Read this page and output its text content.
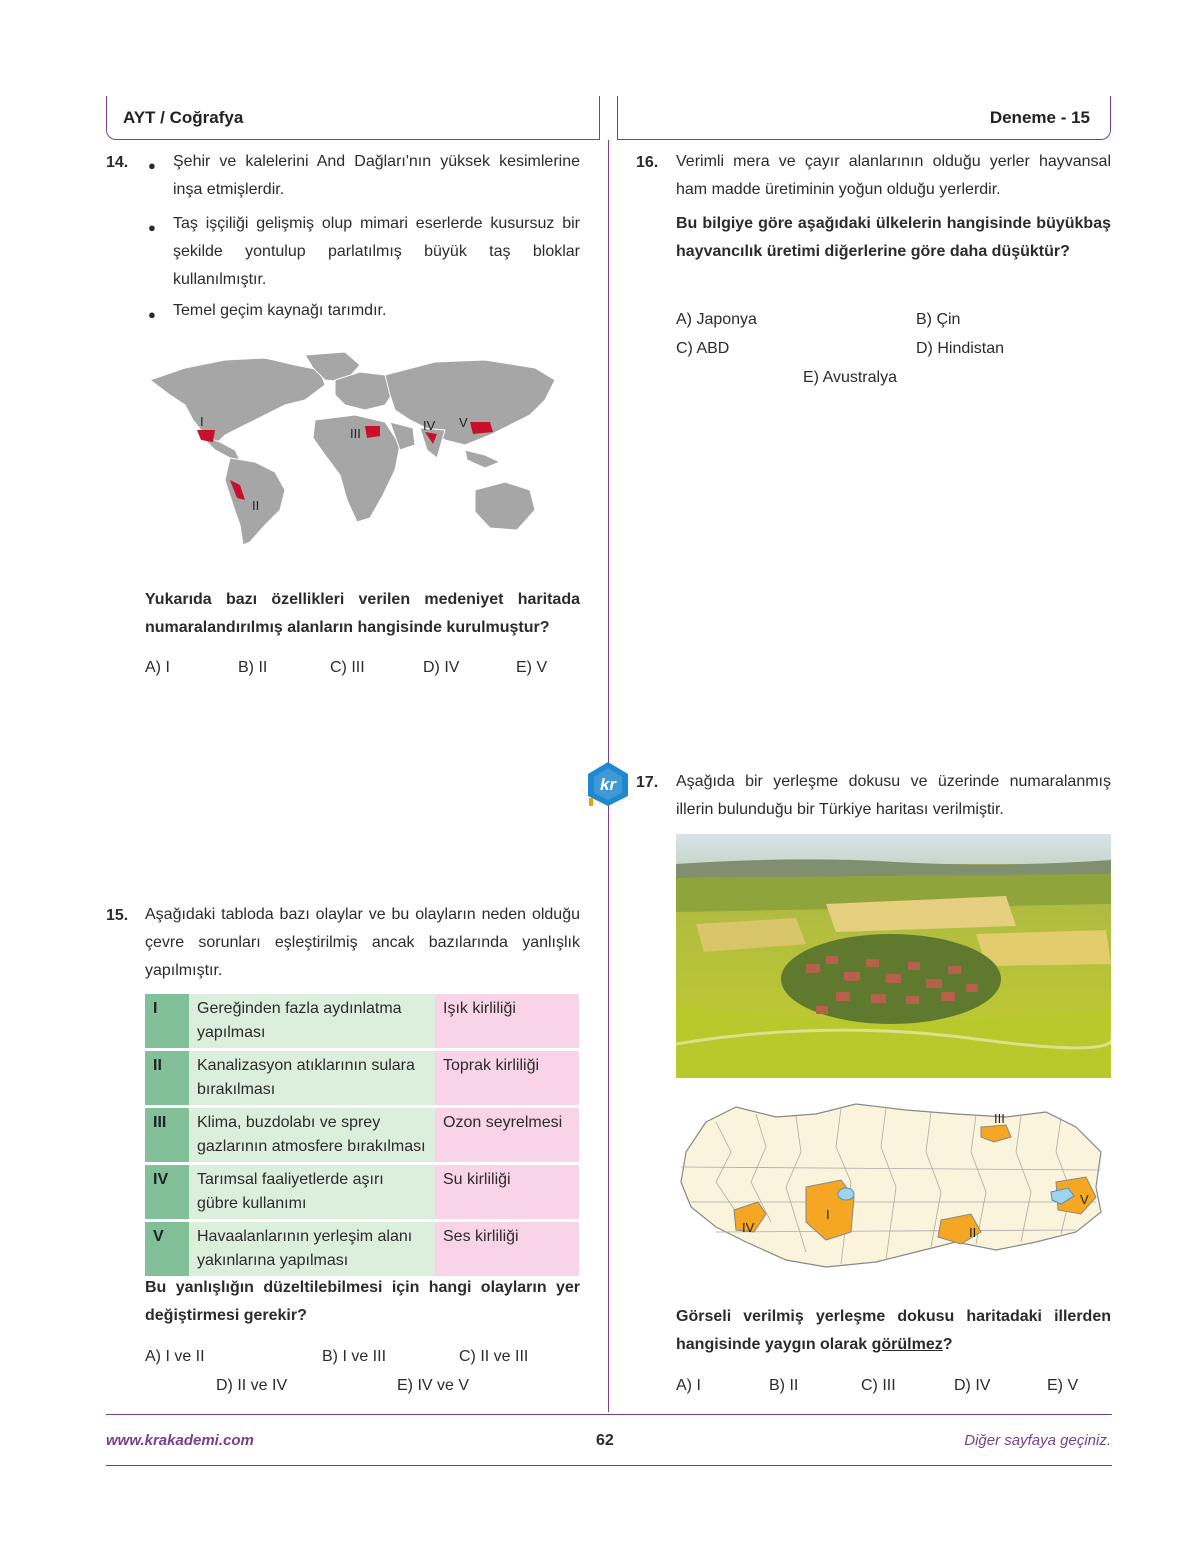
AYT / Coğrafya	Deneme - 15
14. ● Şehir ve kalelerini And Dağları'nın yüksek kesimlerine inşa etmişlerdir.
● Taş işçiliği gelişmiş olup mimari eserlerde kusursuz bir şekilde yontulup parlatılmış büyük taş bloklar kullanılmıştır.
● Temel geçim kaynağı tarımdır.
I
II
III
IV V
Yukarıda bazı özellikleri verilen medeniyet haritada numaralandırılmış alanların hangisinde kurulmuştur?
A) I	B) II	C) III	D) IV	E) V
15. Aşağıdaki tabloda bazı olaylar ve bu olayların neden olduğu çevre sorunları eşleştirilmiş ancak bazılarında yanlışlık yapılmıştır.
I	Gereğinden fazla aydınlatma yapılması	Işık kirliliği
II	Kanalizasyon atıklarının sulara bırakılması	Toprak kirliliği
III	Klima, buzdolabı ve sprey gazlarının atmosfere bırakılması	Ozon seyrelmesi
IV	Tarımsal faaliyetlerde aşırı gübre kullanımı	Su kirliliği
V	Havaalanlarının yerleşim alanı yakınlarına yapılması	Ses kirliliği
Bu yanlışlığın düzeltilebilmesi için hangi olayların yer değiştirmesi gerekir?
A) I ve II	B) I ve III	C) II ve III
D) II ve IV	E) IV ve V
16. Verimli mera ve çayır alanlarının olduğu yerler hayvansal ham madde üretiminin yoğun olduğu yerlerdir.
Bu bilgiye göre aşağıdaki ülkelerin hangisinde büyükbaş hayvancılık üretimi diğerlerine göre daha düşüktür?
A) Japonya	B) Çin
C) ABD	D) Hindistan
E) Avustralya
kr 17. Aşağıda bir yerleşme dokusu ve üzerinde numaralanmış illerin bulunduğu bir Türkiye haritası verilmiştir.
III
I
II
IV
V
Görseli verilmiş yerleşme dokusu haritadaki illerden hangisinde yaygın olarak görülmez?
A) I	B) II	C) III	D) IV	E) V
www.krakademi.com	62	Diğer sayfaya geçiniz.
